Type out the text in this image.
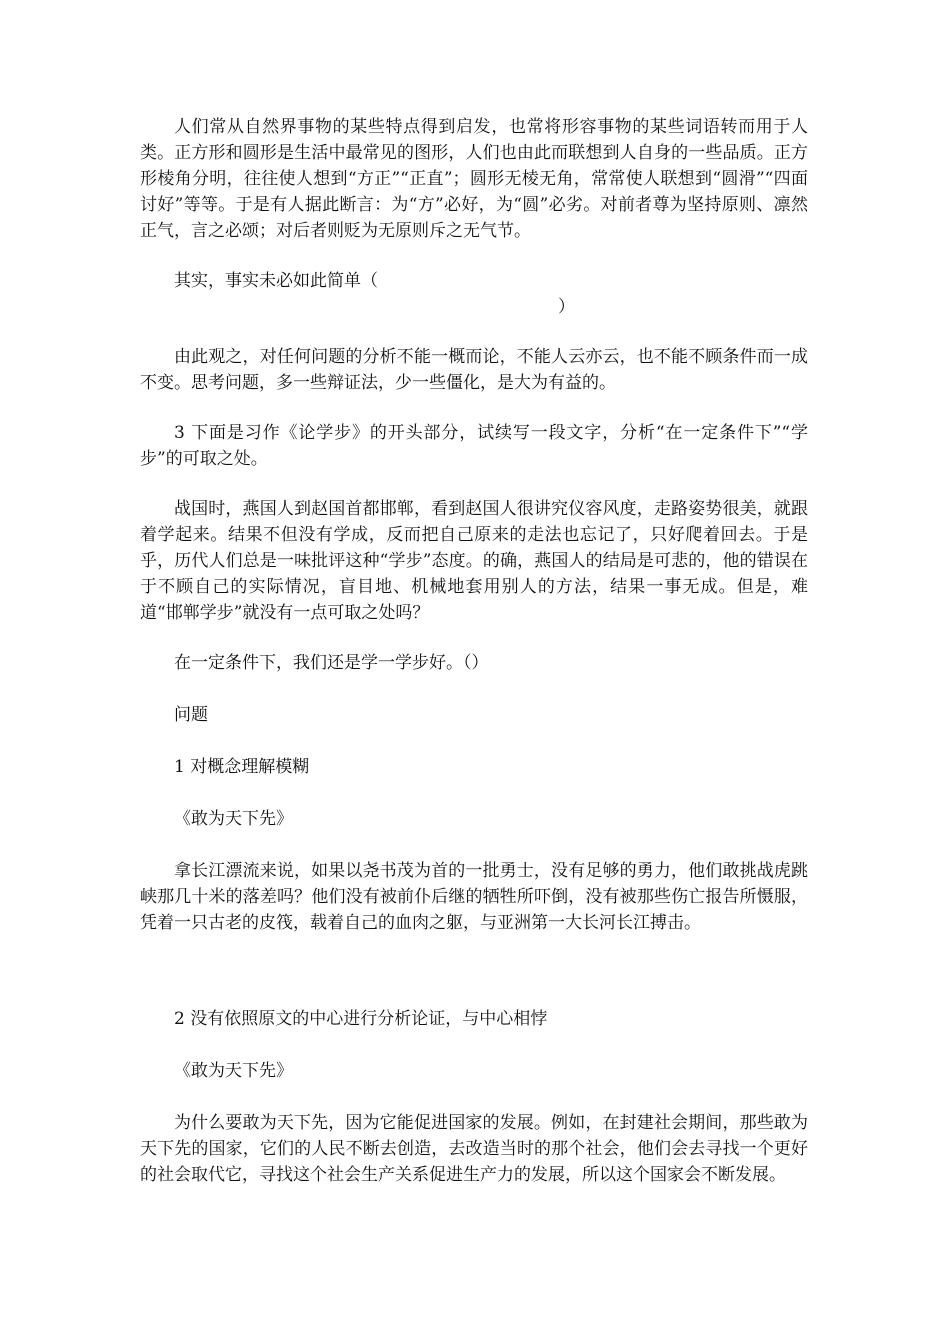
人们常从自然界事物的某些特点得到启发，也常将形容事物的某些词语转而用于人类。正方形和圆形是生活中最常见的图形，人们也由此而联想到人自身的一些品质。正方形棱角分明，往往使人想到“方正”“正直”；圆形无棱无角，常常使人联想到“圆滑”“四面讨好”等等。于是有人据此断言：为“方”必好，为“圆”必劣。对前者尊为坚持原则、凛然正气，言之必颂；对后者则贬为无原则斥之无气节。

其实，事实未必如此简单（

）

由此观之，对任何问题的分析不能一概而论，不能人云亦云，也不能不顾条件而一成不变。思考问题，多一些辩证法，少一些僵化，是大为有益的。

3 下面是习作《论学步》的开头部分，试续写一段文字，分析“在一定条件下”“学步”的可取之处。

战国时，燕国人到赵国首都邯郸，看到赵国人很讲究仪容风度，走路姿势很美，就跟着学起来。结果不但没有学成，反而把自己原来的走法也忘记了，只好爬着回去。于是乎，历代人们总是一味批评这种“学步”态度。的确，燕国人的结局是可悲的，他的错误在于不顾自己的实际情况，盲目地、机械地套用别人的方法，结果一事无成。但是，难道“邯郸学步”就没有一点可取之处吗？

在一定条件下，我们还是学一学步好。（）

问题

1 对概念理解模糊

《敢为天下先》

拿长江漂流来说，如果以尧书茂为首的一批勇士，没有足够的勇力，他们敢挑战虎跳峡那几十米的落差吗？他们没有被前仆后继的牺牲所吓倒，没有被那些伤亡报告所慑服，凭着一只古老的皮筏，载着自己的血肉之躯，与亚洲第一大长河长江搏击。

2 没有依照原文的中心进行分析论证，与中心相悖

《敢为天下先》

为什么要敢为天下先，因为它能促进国家的发展。例如，在封建社会期间，那些敢为天下先的国家，它们的人民不断去创造，去改造当时的那个社会，他们会去寻找一个更好的社会取代它，寻找这个社会生产关系促进生产力的发展，所以这个国家会不断发展。
